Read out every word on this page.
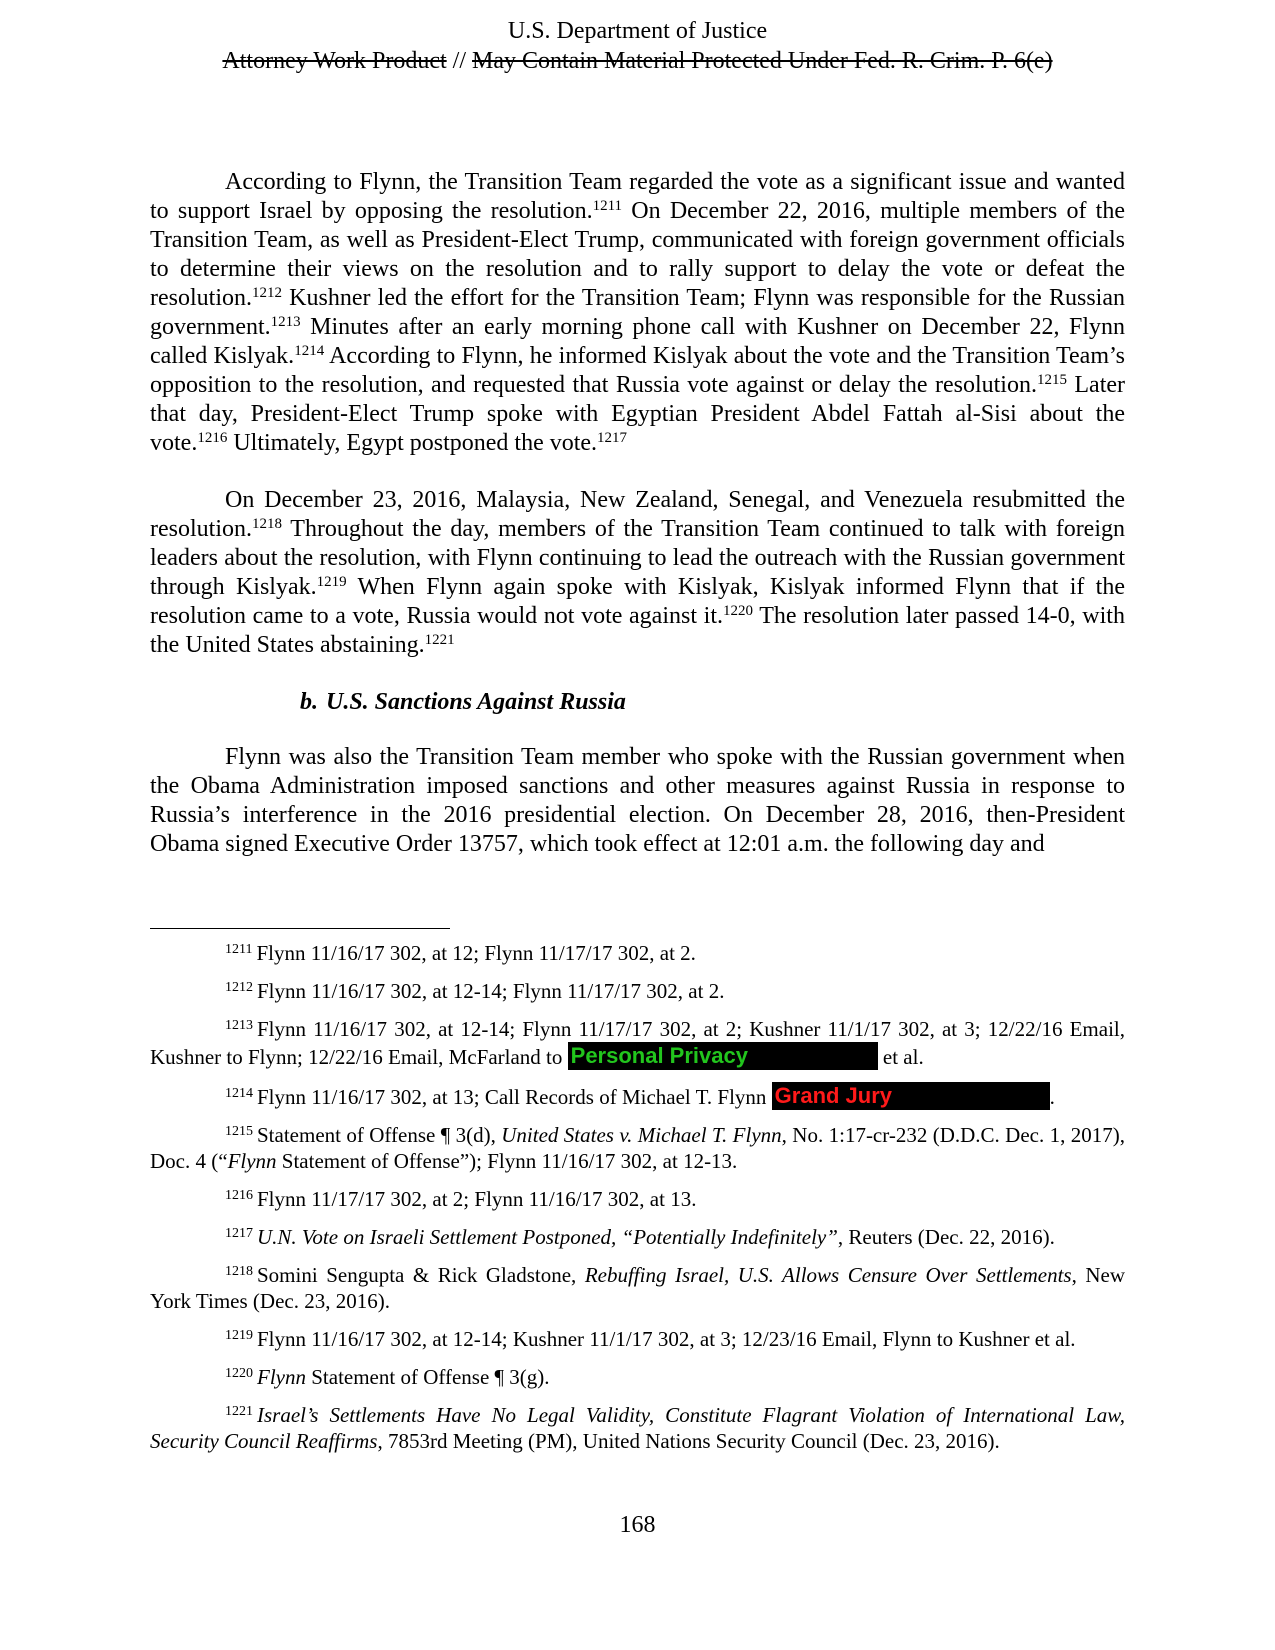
U.S. Department of Justice
Attorney Work Product // May Contain Material Protected Under Fed. R. Crim. P. 6(e)

According to Flynn, the Transition Team regarded the vote as a significant issue and wanted to support Israel by opposing the resolution.$^{1211}$ On December 22, 2016, multiple members of the Transition Team, as well as President-Elect Trump, communicated with foreign government officials to determine their views on the resolution and to rally support to delay the vote or defeat the resolution.$^{1212}$ Kushner led the effort for the Transition Team; Flynn was responsible for the Russian government.$^{1213}$ Minutes after an early morning phone call with Kushner on December 22, Flynn called Kislyak.$^{1214}$ According to Flynn, he informed Kislyak about the vote and the Transition Team’s opposition to the resolution, and requested that Russia vote against or delay the resolution.$^{1215}$ Later that day, President-Elect Trump spoke with Egyptian President Abdel Fattah al-Sisi about the vote.$^{1216}$ Ultimately, Egypt postponed the vote.$^{1217}$

On December 23, 2016, Malaysia, New Zealand, Senegal, and Venezuela resubmitted the resolution.$^{1218}$ Throughout the day, members of the Transition Team continued to talk with foreign leaders about the resolution, with Flynn continuing to lead the outreach with the Russian government through Kislyak.$^{1219}$ When Flynn again spoke with Kislyak, Kislyak informed Flynn that if the resolution came to a vote, Russia would not vote against it.$^{1220}$ The resolution later passed 14-0, with the United States abstaining.$^{1221}$

b. U.S. Sanctions Against Russia

Flynn was also the Transition Team member who spoke with the Russian government when the Obama Administration imposed sanctions and other measures against Russia in response to Russia’s interference in the 2016 presidential election. On December 28, 2016, then-President Obama signed Executive Order 13757, which took effect at 12:01 a.m. the following day and

$^{1211}$ Flynn 11/16/17 302, at 12; Flynn 11/17/17 302, at 2.

$^{1212}$ Flynn 11/16/17 302, at 12-14; Flynn 11/17/17 302, at 2.

$^{1213}$ Flynn 11/16/17 302, at 12-14; Flynn 11/17/17 302, at 2; Kushner 11/1/17 302, at 3; 12/22/16 Email, Kushner to Flynn; 12/22/16 Email, McFarland to Personal Privacy	et al.

$^{1214}$ Flynn 11/16/17 302, at 13; Call Records of Michael T. Flynn Grand Jury	.

$^{1215}$ Statement of Offense ¶ 3(d), United States v. Michael T. Flynn, No. 1:17-cr-232 (D.D.C. Dec. 1, 2017), Doc. 4 (“Flynn Statement of Offense”); Flynn 11/16/17 302, at 12-13.

$^{1216}$ Flynn 11/17/17 302, at 2; Flynn 11/16/17 302, at 13.

$^{1217}$ U.N. Vote on Israeli Settlement Postponed, “Potentially Indefinitely”, Reuters (Dec. 22, 2016).

$^{1218}$ Somini Sengupta & Rick Gladstone, Rebuffing Israel, U.S. Allows Censure Over Settlements, New York Times (Dec. 23, 2016).

$^{1219}$ Flynn 11/16/17 302, at 12-14; Kushner 11/1/17 302, at 3; 12/23/16 Email, Flynn to Kushner et al.

$^{1220}$ Flynn Statement of Offense ¶ 3(g).

$^{1221}$ Israel’s Settlements Have No Legal Validity, Constitute Flagrant Violation of International Law, Security Council Reaffirms, 7853rd Meeting (PM), United Nations Security Council (Dec. 23, 2016).

168
